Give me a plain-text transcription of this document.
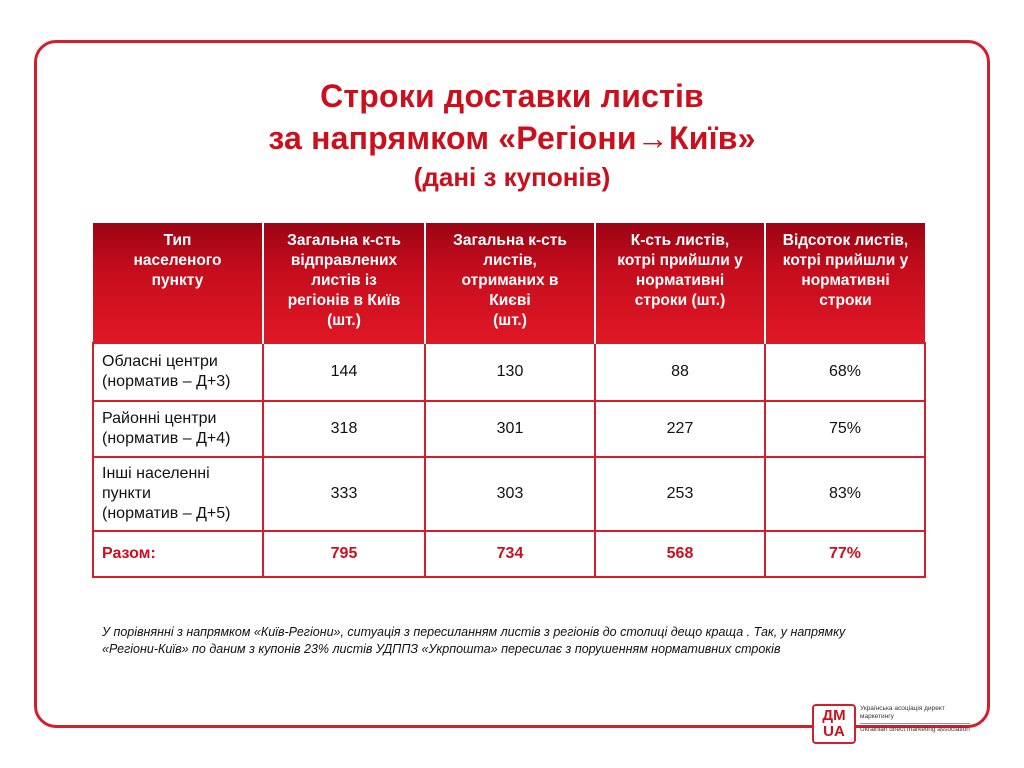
Строки доставки листів
за напрямком «Регіони→Київ»
(дані з купонів)
Тип
населеного
пункту	Загальна к-сть
відправлених
листів із
регіонів в Київ
(шт.)	Загальна к-сть
листів,
отриманих в
Києві
(шт.)	К-сть листів,
котрі прийшли у
нормативні
строки (шт.)	Відсоток листів,
котрі прийшли у
нормативні
строки

Обласні центри
(норматив – Д+3)	144	130	88	68%

Районні центри
(норматив – Д+4)	318	301	227	75%

Інші населенні
пункти
(норматив – Д+5)	333	303	253	83%
Разом:	795	734	568	77%
У порівнянні з напрямком «Київ-Регіони», ситуація з пересиланням листів з регіонів до столиці дещо краща . Так, у напрямку «Регіони-Київ» по даним з купонів 23% листів УДППЗ «Укрпошта» пересилає з порушенням нормативних строків
ДМ
UA
Українська асоціація директ маркетингу
Ukrainian direct marketing association
